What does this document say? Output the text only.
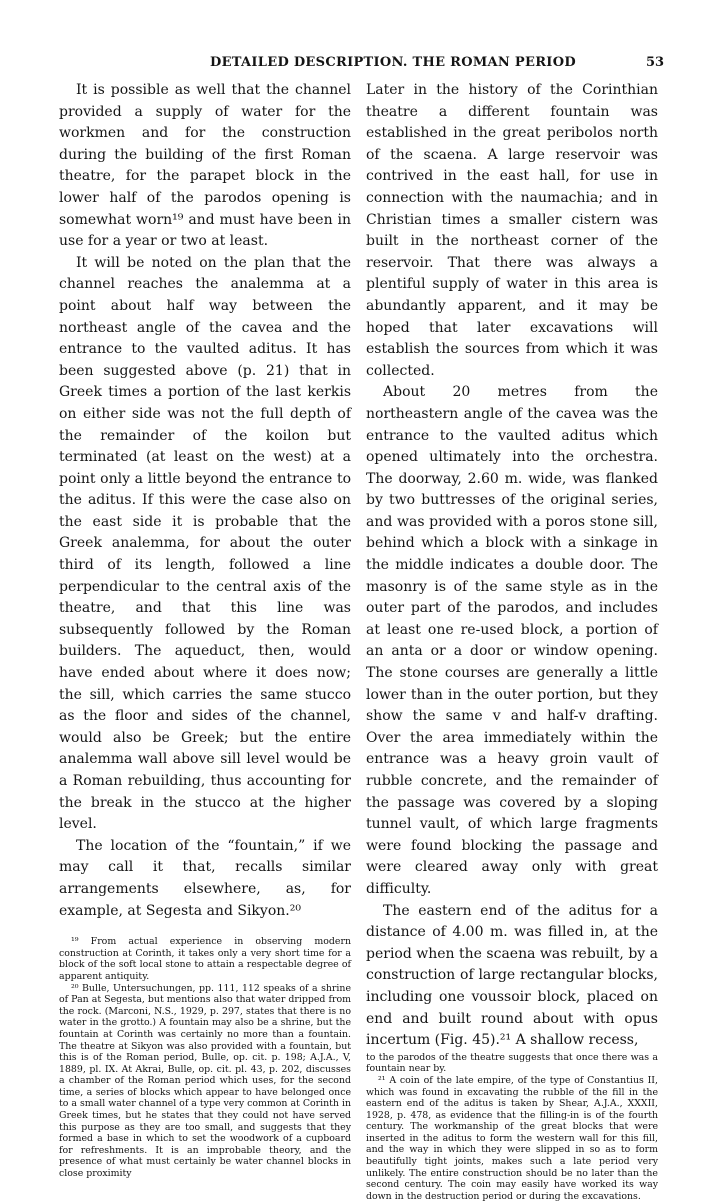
DETAILED DESCRIPTION. THE ROMAN PERIOD	53

It is possible as well that the channel provided a supply of water for the workmen and for the construction during the building of the first Roman theatre, for the parapet block in the lower half of the parodos opening is somewhat worn¹⁹ and must have been in use for a year or two at least.

It will be noted on the plan that the channel reaches the analemma at a point about half way between the northeast angle of the cavea and the entrance to the vaulted aditus. It has been suggested above (p. 21) that in Greek times a portion of the last kerkis on either side was not the full depth of the remainder of the koilon but terminated (at least on the west) at a point only a little beyond the entrance to the aditus. If this were the case also on the east side it is probable that the Greek analemma, for about the outer third of its length, followed a line perpendicular to the central axis of the theatre, and that this line was subsequently followed by the Roman builders. The aqueduct, then, would have ended about where it does now; the sill, which carries the same stucco as the floor and sides of the channel, would also be Greek; but the entire analemma wall above sill level would be a Roman rebuilding, thus accounting for the break in the stucco at the higher level.

The location of the “fountain,” if we may call it that, recalls similar arrangements elsewhere, as, for example, at Segesta and Sikyon.²⁰

¹⁹ From actual experience in observing modern construction at Corinth, it takes only a very short time for a block of the soft local stone to attain a respectable degree of apparent antiquity.

²⁰ Bulle, Untersuchungen, pp. 111, 112 speaks of a shrine of Pan at Segesta, but mentions also that water dripped from the rock. (Marconi, N.S., 1929, p. 297, states that there is no water in the grotto.) A fountain may also be a shrine, but the fountain at Corinth was certainly no more than a fountain. The theatre at Sikyon was also provided with a fountain, but this is of the Roman period, Bulle, op. cit. p. 198; A.J.A., V, 1889, pl. IX. At Akrai, Bulle, op. cit. pl. 43, p. 202, discusses a chamber of the Roman period which uses, for the second time, a series of blocks which appear to have belonged once to a small water channel of a type very common at Corinth in Greek times, but he states that they could not have served this purpose as they are too small, and suggests that they formed a base in which to set the woodwork of a cupboard for refreshments. It is an improbable theory, and the presence of what must certainly be water channel blocks in close proximity

Later in the history of the Corinthian theatre a different fountain was established in the great peribolos north of the scaena. A large reservoir was contrived in the east hall, for use in connection with the naumachia; and in Christian times a smaller cistern was built in the northeast corner of the reservoir. That there was always a plentiful supply of water in this area is abundantly apparent, and it may be hoped that later excavations will establish the sources from which it was collected.

About 20 metres from the northeastern angle of the cavea was the entrance to the vaulted aditus which opened ultimately into the orchestra. The doorway, 2.60 m. wide, was flanked by two buttresses of the original series, and was provided with a poros stone sill, behind which a block with a sinkage in the middle indicates a double door. The masonry is of the same style as in the outer part of the parodos, and includes at least one re-used block, a portion of an anta or a door or window opening. The stone courses are generally a little lower than in the outer portion, but they show the same v and half-v drafting. Over the area immediately within the entrance was a heavy groin vault of rubble concrete, and the remainder of the passage was covered by a sloping tunnel vault, of which large fragments were found blocking the passage and were cleared away only with great difficulty.

The eastern end of the aditus for a distance of 4.00 m. was filled in, at the period when the scaena was rebuilt, by a construction of large rectangular blocks, including one voussoir block, placed on end and built round about with opus incertum (Fig. 45).²¹ A shallow recess,

to the parodos of the theatre suggests that once there was a fountain near by.

²¹ A coin of the late empire, of the type of Constantius II, which was found in excavating the rubble of the fill in the eastern end of the aditus is taken by Shear, A.J.A., XXXII, 1928, p. 478, as evidence that the filling-in is of the fourth century. The workmanship of the great blocks that were inserted in the aditus to form the western wall for this fill, and the way in which they were slipped in so as to form beautifully tight joints, makes such a late period very unlikely. The entire construction should be no later than the second century. The coin may easily have worked its way down in the destruction period or during the excavations.
